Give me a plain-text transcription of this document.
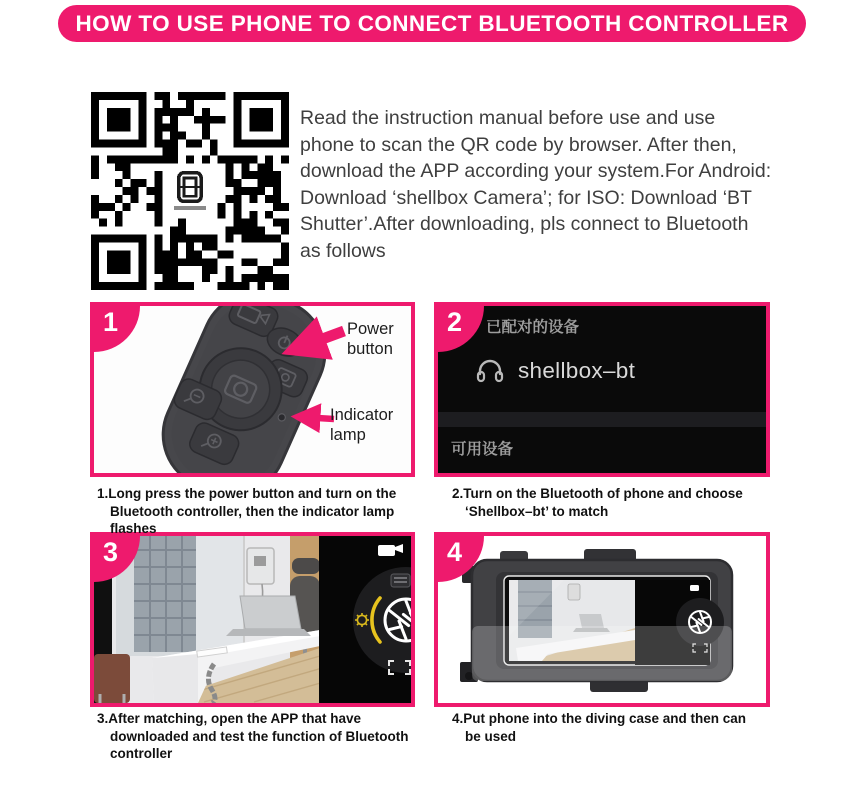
HOW TO USE PHONE TO CONNECT BLUETOOTH CONTROLLER
Read the instruction manual before use and use phone to scan the QR code by browser. After then, download the APP according your system.For Android: Download ‘shellbox Camera’; for ISO: Download ‘BT Shutter’.After downloading, pls connect to Bluetooth as follows
1	Power button
Indicator lamp
2	已配对的设备
shellbox–bt
可用设备
3	4
1.Long press the power button and turn on the Bluetooth controller, then the indicator lamp flashes
2.Turn on the Bluetooth of phone and choose ‘Shellbox–bt’ to match
3.After matching, open the APP that have downloaded and test the function of Bluetooth controller
4.Put phone into the diving case and then can be used
